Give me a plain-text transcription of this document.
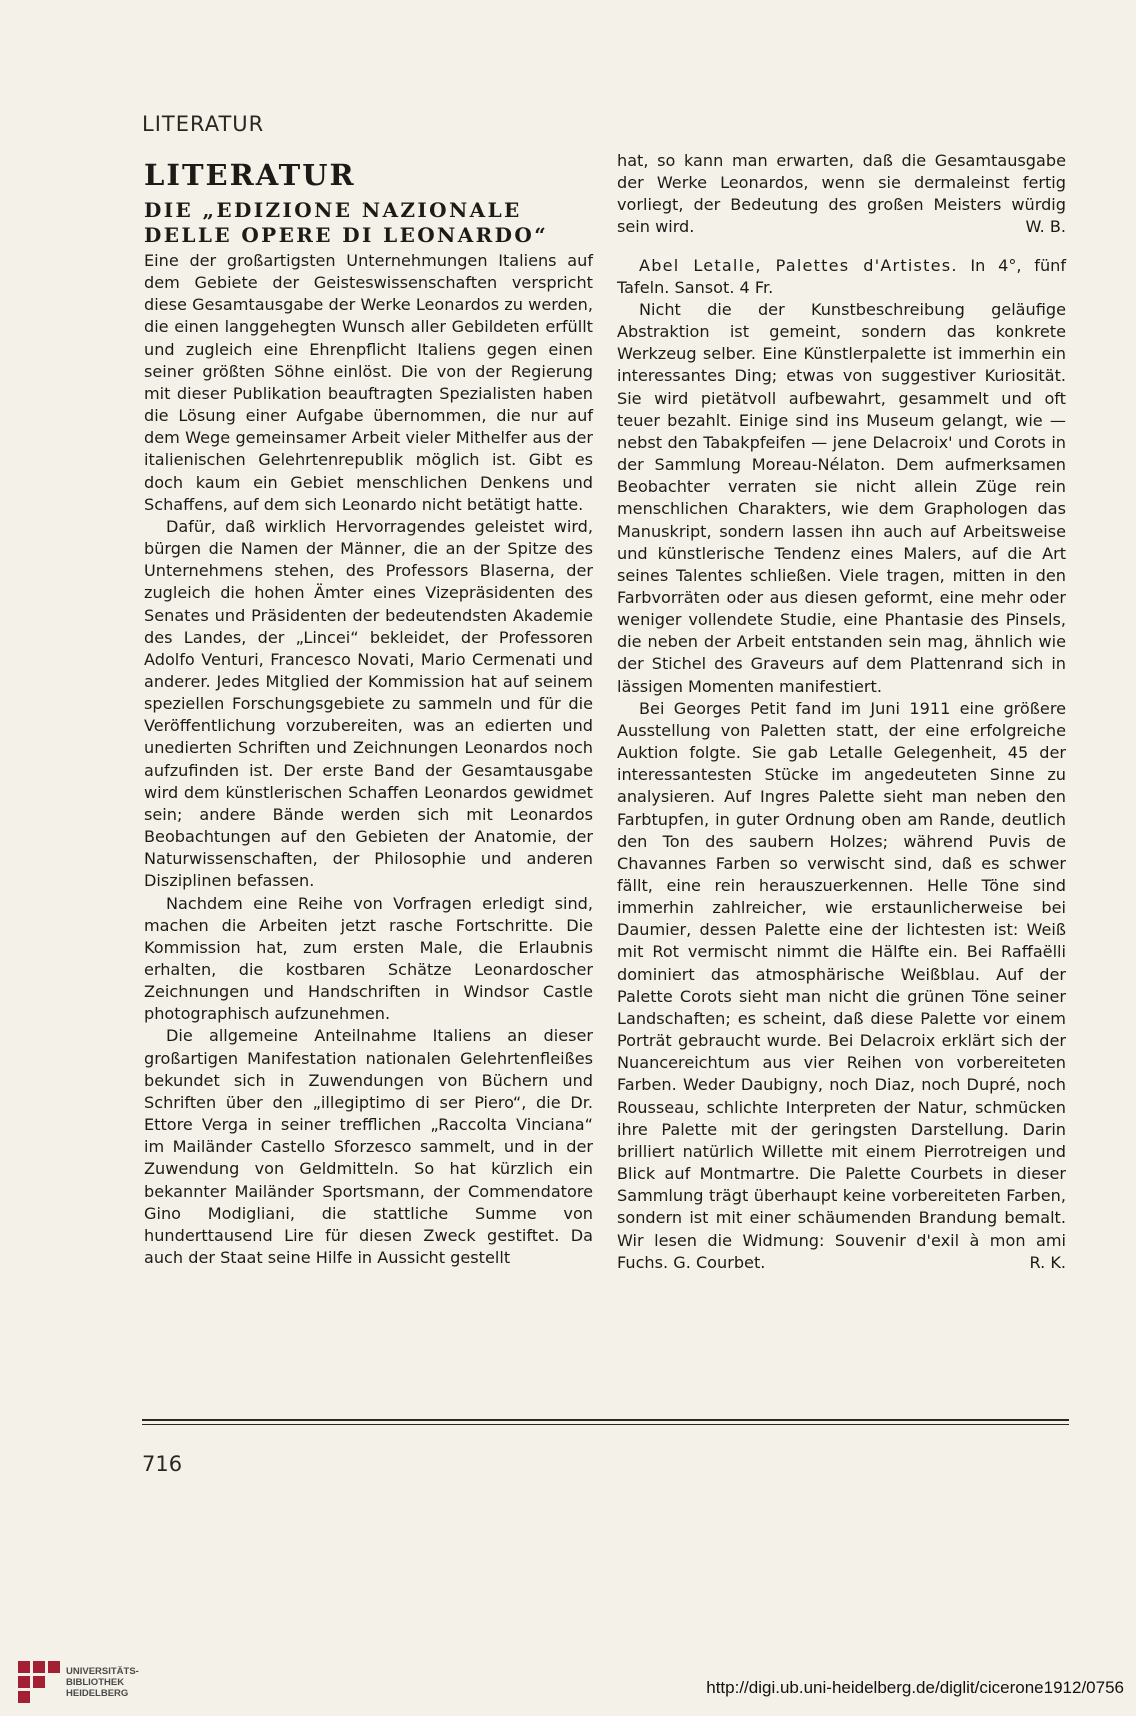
LITERATUR
LITERATUR
DIE „EDIZIONE NAZIONALE
DELLE OPERE DI LEONARDO“

Eine der großartigsten Unternehmungen Italiens auf dem Gebiete der Geisteswissenschaften verspricht diese Gesamtausgabe der Werke Leonardos zu werden, die einen langgehegten Wunsch aller Gebildeten erfüllt und zugleich eine Ehrenpflicht Italiens gegen einen seiner größten Söhne einlöst. Die von der Regierung mit dieser Publikation beauftragten Spezialisten haben die Lösung einer Aufgabe übernommen, die nur auf dem Wege gemeinsamer Arbeit vieler Mithelfer aus der italienischen Gelehrtenrepublik möglich ist. Gibt es doch kaum ein Gebiet menschlichen Denkens und Schaffens, auf dem sich Leonardo nicht betätigt hatte.

Dafür, daß wirklich Hervorragendes geleistet wird, bürgen die Namen der Männer, die an der Spitze des Unternehmens stehen, des Professors Blaserna, der zugleich die hohen Ämter eines Vizepräsidenten des Senates und Präsidenten der bedeutendsten Akademie des Landes, der „Lincei“ bekleidet, der Professoren Adolfo Venturi, Francesco Novati, Mario Cermenati und anderer. Jedes Mitglied der Kommission hat auf seinem speziellen Forschungsgebiete zu sammeln und für die Veröffentlichung vorzubereiten, was an edierten und unedierten Schriften und Zeichnungen Leonardos noch aufzufinden ist. Der erste Band der Gesamtausgabe wird dem künstlerischen Schaffen Leonardos gewidmet sein; andere Bände werden sich mit Leonardos Beobachtungen auf den Gebieten der Anatomie, der Naturwissenschaften, der Philosophie und anderen Disziplinen befassen.

Nachdem eine Reihe von Vorfragen erledigt sind, machen die Arbeiten jetzt rasche Fortschritte. Die Kommission hat, zum ersten Male, die Erlaubnis erhalten, die kostbaren Schätze Leonardoscher Zeichnungen und Handschriften in Windsor Castle photographisch aufzunehmen.

Die allgemeine Anteilnahme Italiens an dieser großartigen Manifestation nationalen Gelehrtenfleißes bekundet sich in Zuwendungen von Büchern und Schriften über den „illegiptimo di ser Piero“, die Dr. Ettore Verga in seiner trefflichen „Raccolta Vinciana“ im Mailänder Castello Sforzesco sammelt, und in der Zuwendung von Geldmitteln. So hat kürzlich ein bekannter Mailänder Sportsmann, der Commendatore Gino Modigliani, die stattliche Summe von hunderttausend Lire für diesen Zweck gestiftet. Da auch der Staat seine Hilfe in Aussicht gestellt

hat, so kann man erwarten, daß die Gesamtausgabe der Werke Leonardos, wenn sie dermaleinst fertig vorliegt, der Bedeutung des großen Meisters würdig sein wird.	W. B.

Abel Letalle, Palettes d'Artistes. In 4°, fünf Tafeln. Sansot. 4 Fr.

Nicht die der Kunstbeschreibung geläufige Abstraktion ist gemeint, sondern das konkrete Werkzeug selber. Eine Künstlerpalette ist immerhin ein interessantes Ding; etwas von suggestiver Kuriosität. Sie wird pietätvoll aufbewahrt, gesammelt und oft teuer bezahlt. Einige sind ins Museum gelangt, wie — nebst den Tabakpfeifen — jene Delacroix' und Corots in der Sammlung Moreau-Nélaton. Dem aufmerksamen Beobachter verraten sie nicht allein Züge rein menschlichen Charakters, wie dem Graphologen das Manuskript, sondern lassen ihn auch auf Arbeitsweise und künstlerische Tendenz eines Malers, auf die Art seines Talentes schließen. Viele tragen, mitten in den Farbvorräten oder aus diesen geformt, eine mehr oder weniger vollendete Studie, eine Phantasie des Pinsels, die neben der Arbeit entstanden sein mag, ähnlich wie der Stichel des Graveurs auf dem Plattenrand sich in lässigen Momenten manifestiert.

Bei Georges Petit fand im Juni 1911 eine größere Ausstellung von Paletten statt, der eine erfolgreiche Auktion folgte. Sie gab Letalle Gelegenheit, 45 der interessantesten Stücke im angedeuteten Sinne zu analysieren. Auf Ingres Palette sieht man neben den Farbtupfen, in guter Ordnung oben am Rande, deutlich den Ton des saubern Holzes; während Puvis de Chavannes Farben so verwischt sind, daß es schwer fällt, eine rein herauszuerkennen. Helle Töne sind immerhin zahlreicher, wie erstaunlicherweise bei Daumier, dessen Palette eine der lichtesten ist: Weiß mit Rot vermischt nimmt die Hälfte ein. Bei Raffaëlli dominiert das atmosphärische Weißblau. Auf der Palette Corots sieht man nicht die grünen Töne seiner Landschaften; es scheint, daß diese Palette vor einem Porträt gebraucht wurde. Bei Delacroix erklärt sich der Nuancereichtum aus vier Reihen von vorbereiteten Farben. Weder Daubigny, noch Diaz, noch Dupré, noch Rousseau, schlichte Interpreten der Natur, schmücken ihre Palette mit der geringsten Darstellung. Darin brilliert natürlich Willette mit einem Pierrotreigen und Blick auf Montmartre. Die Palette Courbets in dieser Sammlung trägt überhaupt keine vorbereiteten Farben, sondern ist mit einer schäumenden Brandung bemalt. Wir lesen die Widmung: Souvenir d'exil à mon ami Fuchs. G. Courbet.	R. K.

716
UNIVERSITÄTS-
BIBLIOTHEK
HEIDELBERG	http://digi.ub.uni-heidelberg.de/diglit/cicerone1912/0756
